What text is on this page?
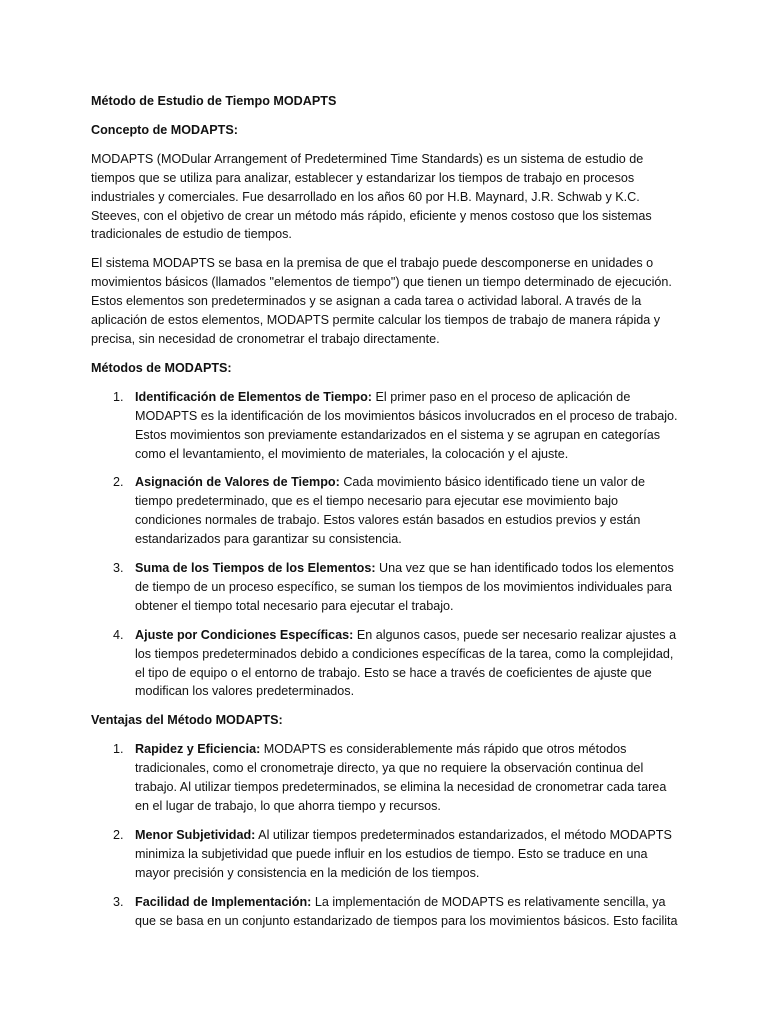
Método de Estudio de Tiempo MODAPTS

Concepto de MODAPTS:

MODAPTS (MODular Arrangement of Predetermined Time Standards) es un sistema de estudio de tiempos que se utiliza para analizar, establecer y estandarizar los tiempos de trabajo en procesos industriales y comerciales. Fue desarrollado en los años 60 por H.B. Maynard, J.R. Schwab y K.C. Steeves, con el objetivo de crear un método más rápido, eficiente y menos costoso que los sistemas tradicionales de estudio de tiempos.

El sistema MODAPTS se basa en la premisa de que el trabajo puede descomponerse en unidades o movimientos básicos (llamados "elementos de tiempo") que tienen un tiempo determinado de ejecución. Estos elementos son predeterminados y se asignan a cada tarea o actividad laboral. A través de la aplicación de estos elementos, MODAPTS permite calcular los tiempos de trabajo de manera rápida y precisa, sin necesidad de cronometrar el trabajo directamente.

Métodos de MODAPTS:

1. Identificación de Elementos de Tiempo: El primer paso en el proceso de aplicación de MODAPTS es la identificación de los movimientos básicos involucrados en el proceso de trabajo. Estos movimientos son previamente estandarizados en el sistema y se agrupan en categorías como el levantamiento, el movimiento de materiales, la colocación y el ajuste.
2. Asignación de Valores de Tiempo: Cada movimiento básico identificado tiene un valor de tiempo predeterminado, que es el tiempo necesario para ejecutar ese movimiento bajo condiciones normales de trabajo. Estos valores están basados en estudios previos y están estandarizados para garantizar su consistencia.
3. Suma de los Tiempos de los Elementos: Una vez que se han identificado todos los elementos de tiempo de un proceso específico, se suman los tiempos de los movimientos individuales para obtener el tiempo total necesario para ejecutar el trabajo.
4. Ajuste por Condiciones Específicas: En algunos casos, puede ser necesario realizar ajustes a los tiempos predeterminados debido a condiciones específicas de la tarea, como la complejidad, el tipo de equipo o el entorno de trabajo. Esto se hace a través de coeficientes de ajuste que modifican los valores predeterminados.

Ventajas del Método MODAPTS:

1. Rapidez y Eficiencia: MODAPTS es considerablemente más rápido que otros métodos tradicionales, como el cronometraje directo, ya que no requiere la observación continua del trabajo. Al utilizar tiempos predeterminados, se elimina la necesidad de cronometrar cada tarea en el lugar de trabajo, lo que ahorra tiempo y recursos.
2. Menor Subjetividad: Al utilizar tiempos predeterminados estandarizados, el método MODAPTS minimiza la subjetividad que puede influir en los estudios de tiempo. Esto se traduce en una mayor precisión y consistencia en la medición de los tiempos.
3. Facilidad de Implementación: La implementación de MODAPTS es relativamente sencilla, ya que se basa en un conjunto estandarizado de tiempos para los movimientos básicos. Esto facilita
